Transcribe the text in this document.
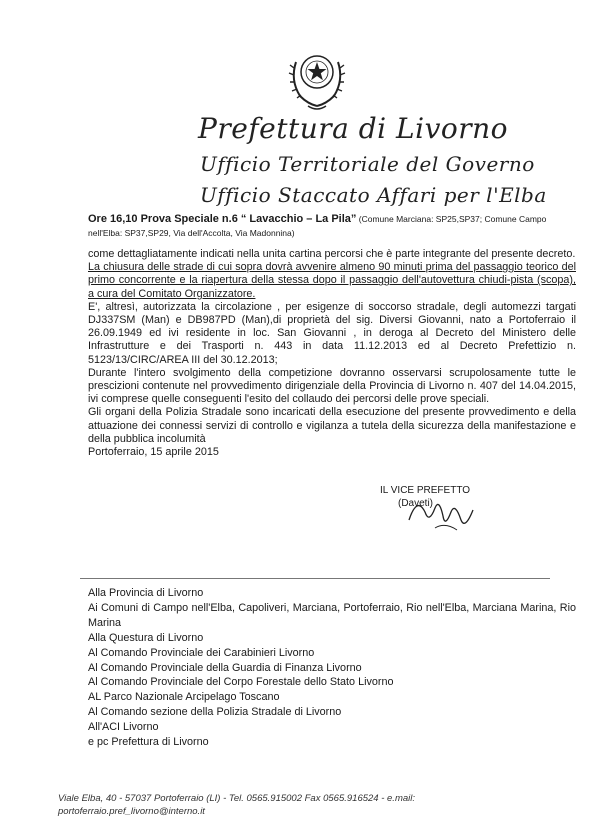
Prefettura di Livorno
Ufficio Territoriale del Governo
Ufficio Staccato Affari per l'Elba
Ore 16,10 Prova Speciale n.6 “ Lavacchio – La Pila” (Comune Marciana: SP25,SP37; Comune Campo nell'Elba: SP37,SP29, Via dell'Accolta, Via Madonnina)

come dettagliatamente indicati nella unita cartina percorsi che è parte integrante del presente decreto.

La chiusura delle strade di cui sopra dovrà avvenire almeno 90 minuti prima del passaggio teorico del primo concorrente e la riapertura della stessa dopo il passaggio dell'autovettura chiudi-pista (scopa), a cura del Comitato Organizzatore.

E', altresì, autorizzata la circolazione , per esigenze di soccorso stradale, degli automezzi targati DJ337SM (Man) e DB987PD (Man),di proprietà del sig. Diversi Giovanni, nato a Portoferraio il 26.09.1949 ed ivi residente in loc. San Giovanni , in deroga al Decreto del Ministero delle Infrastrutture e dei Trasporti n. 443 in data 11.12.2013 ed al Decreto Prefettizio n. 5123/13/CIRC/AREA III del 30.12.2013;

Durante l'intero svolgimento della competizione dovranno osservarsi scrupolosamente tutte le prescizioni contenute nel provvedimento dirigenziale della Provincia di Livorno n. 407 del 14.04.2015, ivi comprese quelle conseguenti l'esito del collaudo dei percorsi delle prove speciali.

Gli organi della Polizia Stradale sono incaricati della esecuzione del presente provvedimento e della attuazione dei connessi servizi di controllo e vigilanza a tutela della sicurezza della manifestazione e della pubblica incolumità

Portoferraio, 15 aprile 2015

IL VICE PREFETTO
(Daveti)
Alla Provincia di Livorno
Ai Comuni di Campo nell'Elba, Capoliveri, Marciana, Portoferraio, Rio nell'Elba, Marciana Marina, Rio Marina
Alla Questura di Livorno
Al Comando Provinciale dei Carabinieri Livorno
Al Comando Provinciale della Guardia di Finanza Livorno
Al Comando Provinciale del Corpo Forestale dello Stato Livorno
AL Parco Nazionale Arcipelago Toscano
Al Comando sezione della Polizia Stradale di Livorno
All'ACI Livorno
e pc Prefettura di Livorno
Viale Elba, 40 - 57037 Portoferraio (LI) - Tel. 0565.915002 Fax 0565.916524 - e.mail:
portoferraio.pref_livorno@interno.it
